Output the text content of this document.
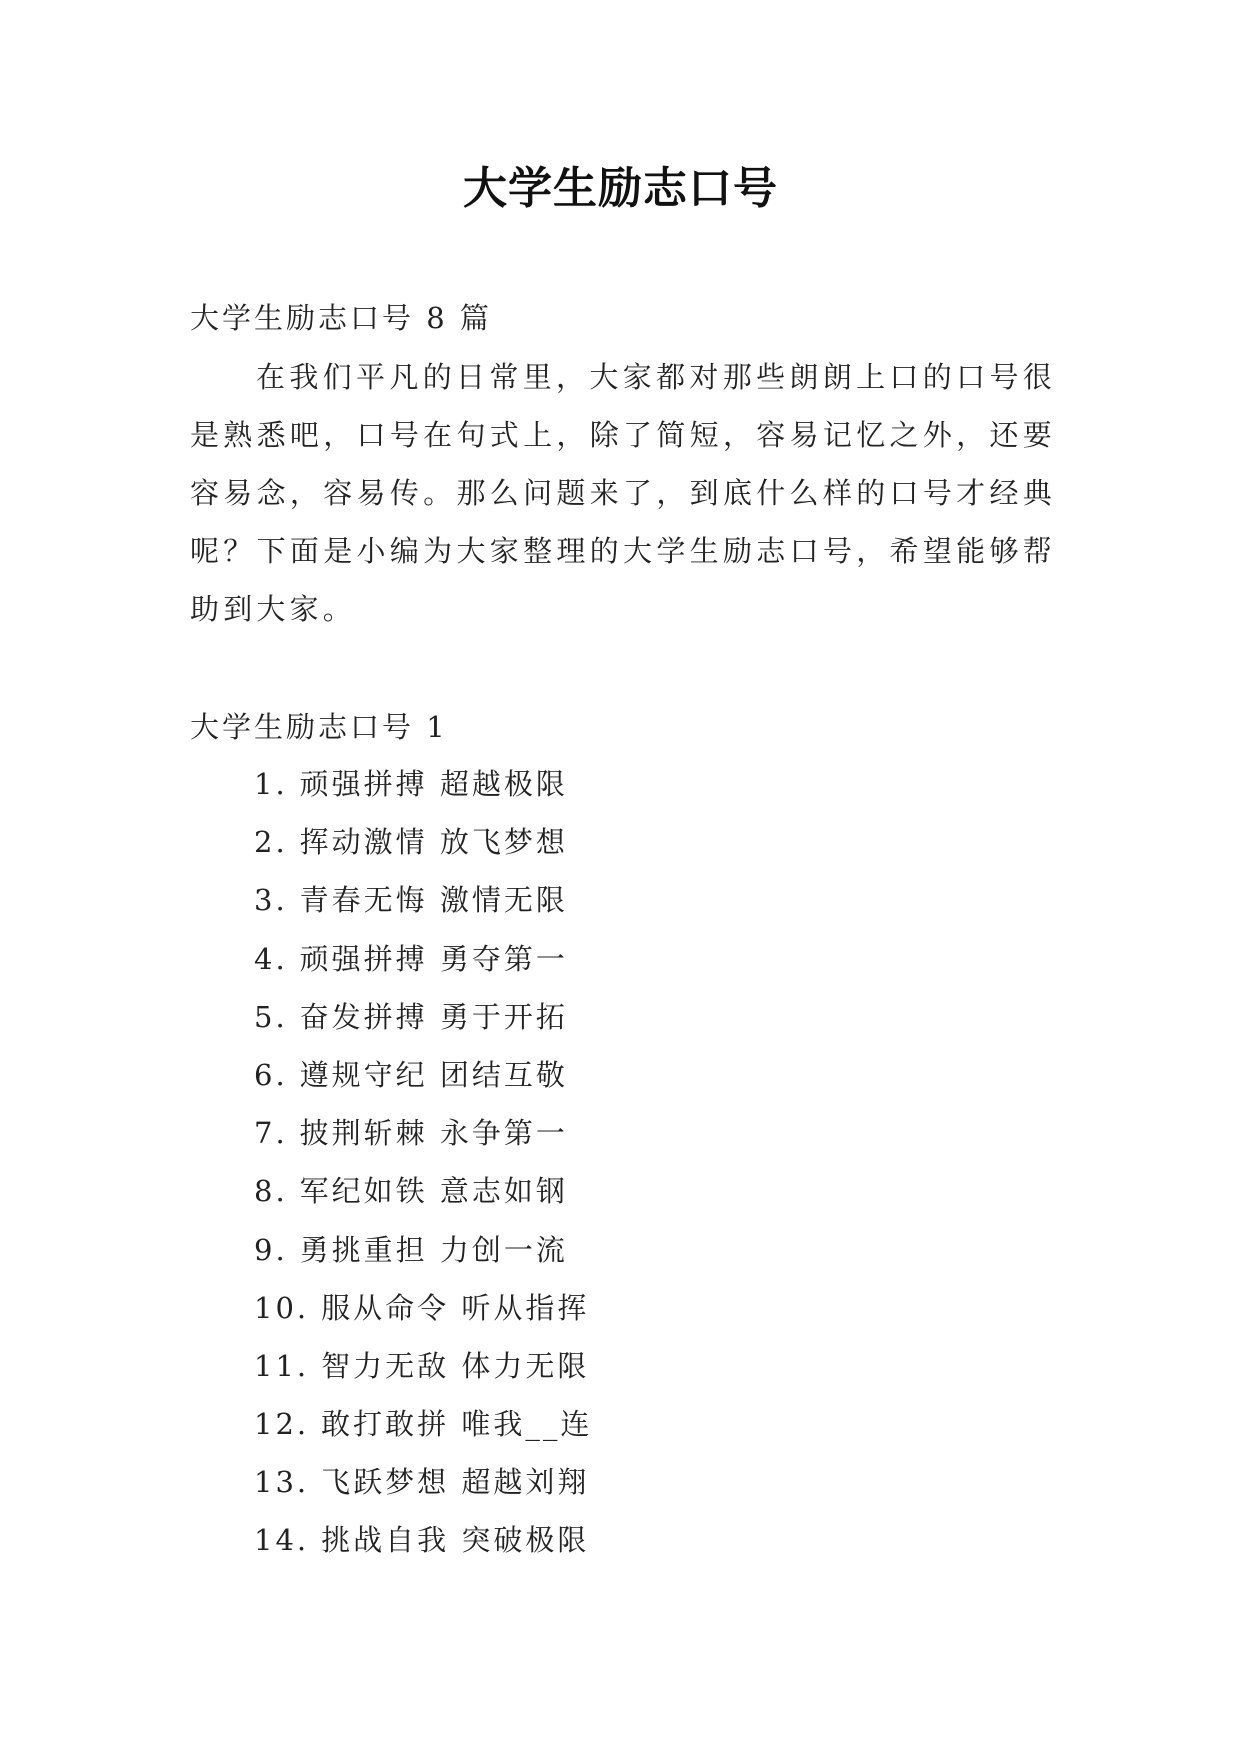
大学生励志口号

大学生励志口号 8 篇

在我们平凡的日常里，大家都对那些朗朗上口的口号很是熟悉吧，口号在句式上，除了简短，容易记忆之外，还要容易念，容易传。那么问题来了，到底什么样的口号才经典呢？下面是小编为大家整理的大学生励志口号，希望能够帮助到大家。

大学生励志口号 1

1. 顽强拼搏 超越极限
2. 挥动激情 放飞梦想
3. 青春无悔 激情无限
4. 顽强拼搏 勇夺第一
5. 奋发拼搏 勇于开拓
6. 遵规守纪 团结互敬
7. 披荆斩棘 永争第一
8. 军纪如铁 意志如钢
9. 勇挑重担 力创一流
10. 服从命令 听从指挥
11. 智力无敌 体力无限
12. 敢打敢拼 唯我__连
13. 飞跃梦想 超越刘翔
14. 挑战自我 突破极限
